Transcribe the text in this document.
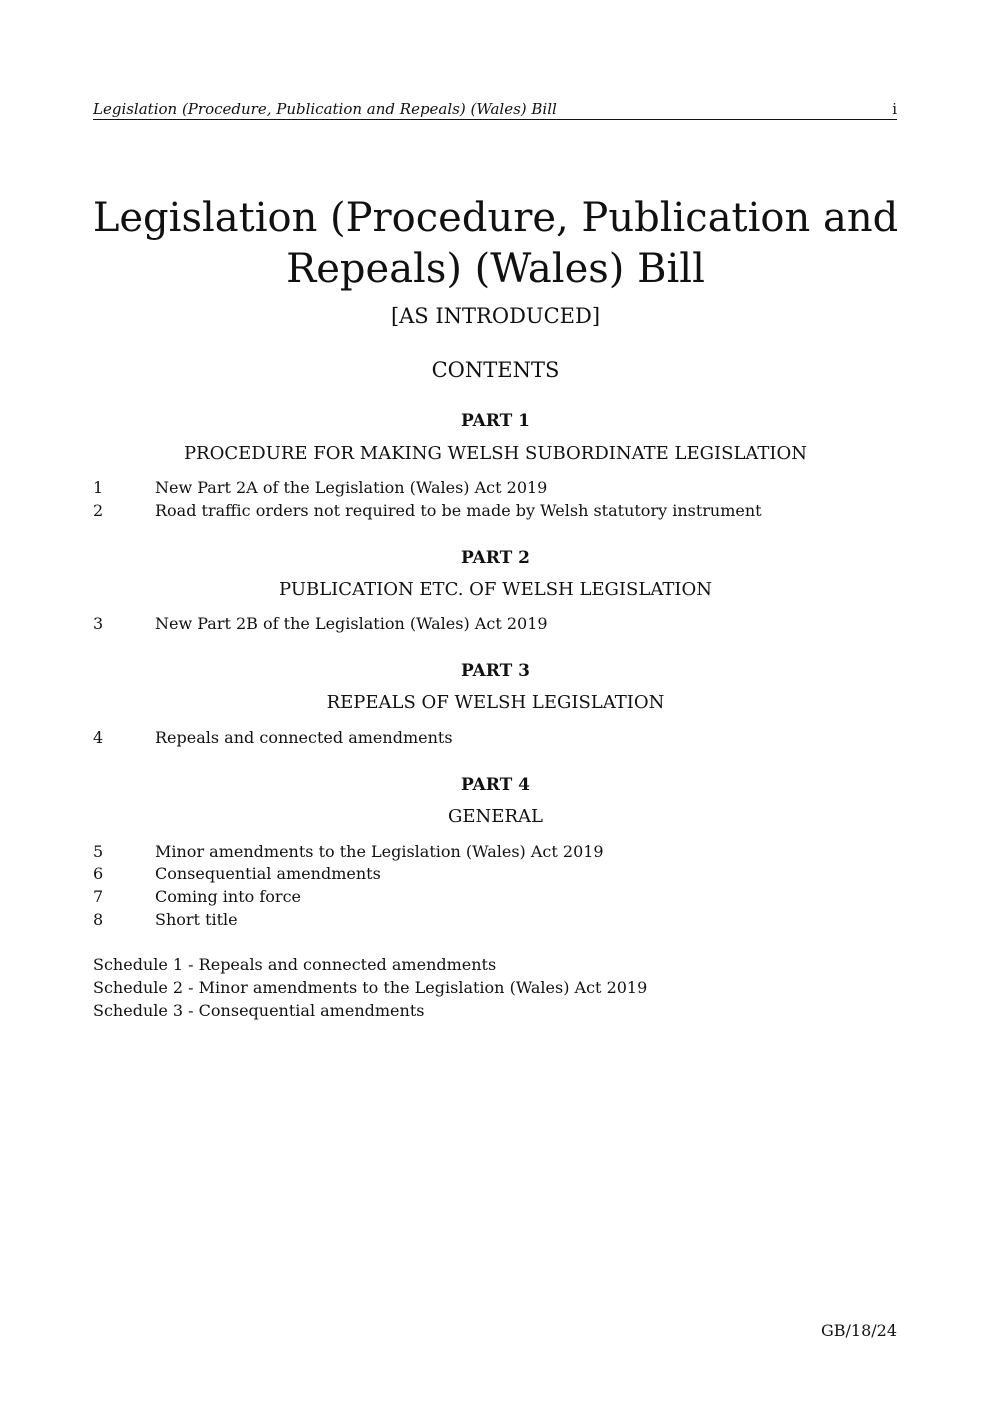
Legislation (Procedure, Publication and Repeals) (Wales) Bill	i
Legislation (Procedure, Publication and
Repeals) (Wales) Bill

[AS INTRODUCED]

CONTENTS

PART 1

PROCEDURE FOR MAKING WELSH SUBORDINATE LEGISLATION

1	New Part 2A of the Legislation (Wales) Act 2019
2	Road traffic orders not required to be made by Welsh statutory instrument

PART 2

PUBLICATION ETC. OF WELSH LEGISLATION

3	New Part 2B of the Legislation (Wales) Act 2019

PART 3

REPEALS OF WELSH LEGISLATION

4	Repeals and connected amendments

PART 4

GENERAL

5	Minor amendments to the Legislation (Wales) Act 2019
6	Consequential amendments
7	Coming into force
8	Short title
Schedule 1 - Repeals and connected amendments
Schedule 2 - Minor amendments to the Legislation (Wales) Act 2019
Schedule 3 - Consequential amendments
GB/18/24
